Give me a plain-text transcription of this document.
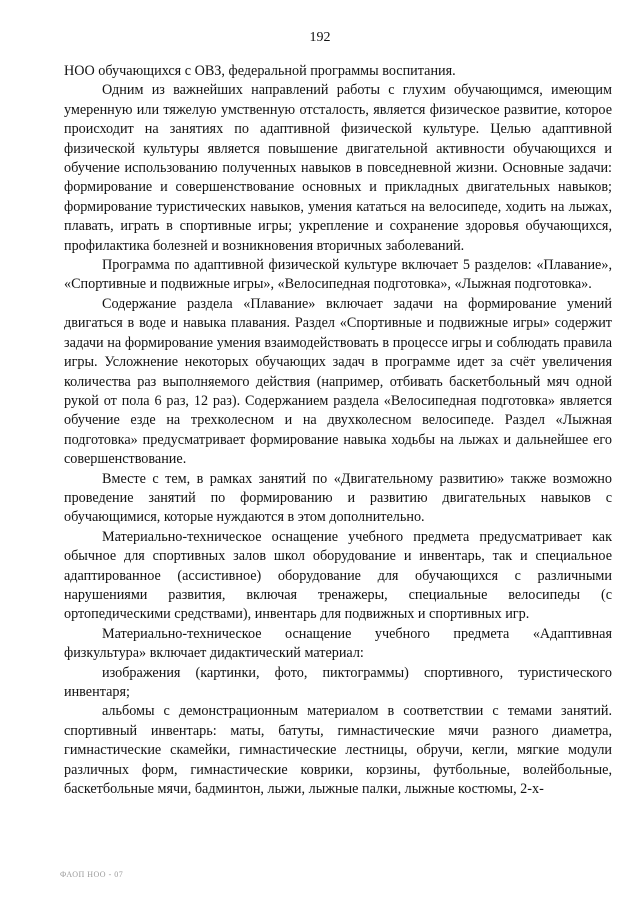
192

НОО обучающихся с ОВЗ, федеральной программы воспитания.

Одним из важнейших направлений работы с глухим обучающимся, имеющим умеренную или тяжелую умственную отсталость, является физическое развитие, которое происходит на занятиях по адаптивной физической культуре. Целью адаптивной физической культуры является повышение двигательной активности обучающихся и обучение использованию полученных навыков в повседневной жизни. Основные задачи: формирование и совершенствование основных и прикладных двигательных навыков; формирование туристических навыков, умения кататься на велосипеде, ходить на лыжах, плавать, играть в спортивные игры; укрепление и сохранение здоровья обучающихся, профилактика болезней и возникновения вторичных заболеваний.

Программа по адаптивной физической культуре включает 5 разделов: «Плавание», «Спортивные и подвижные игры», «Велосипедная подготовка», «Лыжная подготовка».

Содержание раздела «Плавание» включает задачи на формирование умений двигаться в воде и навыка плавания. Раздел «Спортивные и подвижные игры» содержит задачи на формирование умения взаимодействовать в процессе игры и соблюдать правила игры. Усложнение некоторых обучающих задач в программе идет за счёт увеличения количества раз выполняемого действия (например, отбивать баскетбольный мяч одной рукой от пола 6 раз, 12 раз). Содержанием раздела «Велосипедная подготовка» является обучение езде на трехколесном и на двухколесном велосипеде. Раздел «Лыжная подготовка» предусматривает формирование навыка ходьбы на лыжах и дальнейшее его совершенствование.

Вместе с тем, в рамках занятий по «Двигательному развитию» также возможно проведение занятий по формированию и развитию двигательных навыков с обучающимися, которые нуждаются в этом дополнительно.

Материально-техническое оснащение учебного предмета предусматривает как обычное для спортивных залов школ оборудование и инвентарь, так и специальное адаптированное (ассистивное) оборудование для обучающихся с различными нарушениями развития, включая тренажеры, специальные велосипеды (с ортопедическими средствами), инвентарь для подвижных и спортивных игр.

Материально-техническое оснащение учебного предмета «Адаптивная физкультура» включает дидактический материал:

изображения (картинки, фото, пиктограммы) спортивного, туристического инвентаря;

альбомы с демонстрационным материалом в соответствии с темами занятий. спортивный инвентарь: маты, батуты, гимнастические мячи разного диаметра, гимнастические скамейки, гимнастические лестницы, обручи, кегли, мягкие модули различных форм, гимнастические коврики, корзины, футбольные, волейбольные, баскетбольные мячи, бадминтон, лыжи, лыжные палки, лыжные костюмы, 2-х-

ФАОП НОО - 07
